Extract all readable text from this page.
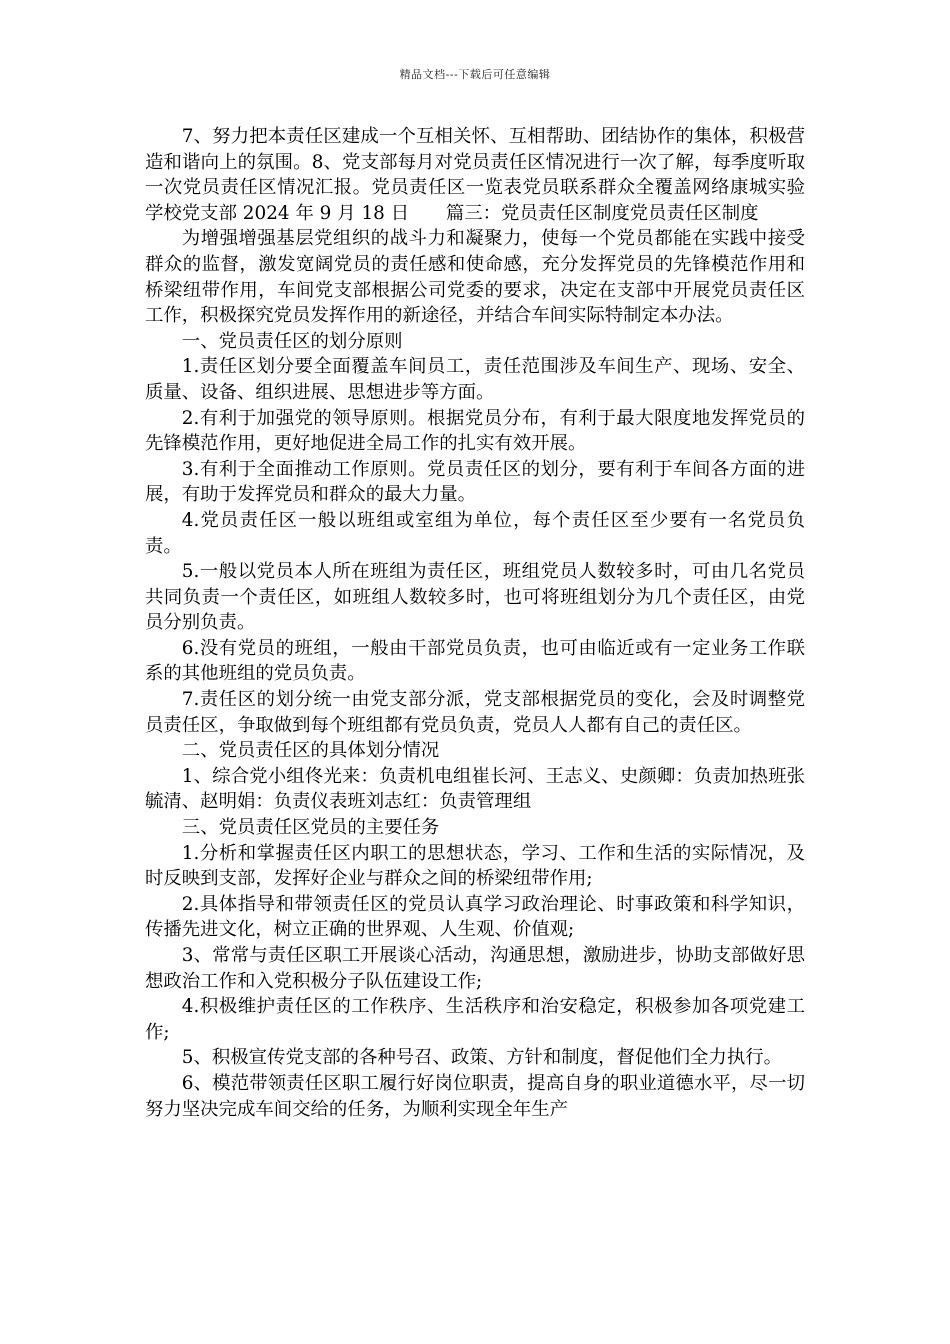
精品文档---下载后可任意编辑

7、努力把本责任区建成一个互相关怀、互相帮助、团结协作的集体，积极营造和谐向上的氛围。8、党支部每月对党员责任区情况进行一次了解，每季度听取一次党员责任区情况汇报。党员责任区一览表党员联系群众全覆盖网络康城实验学校党支部 2024 年 9 月 18 日　　篇三：党员责任区制度党员责任区制度

为增强增强基层党组织的战斗力和凝聚力，使每一个党员都能在实践中接受群众的监督，激发宽阔党员的责任感和使命感，充分发挥党员的先锋模范作用和桥梁纽带作用，车间党支部根据公司党委的要求，决定在支部中开展党员责任区工作，积极探究党员发挥作用的新途径，并结合车间实际特制定本办法。

一、党员责任区的划分原则

1.责任区划分要全面覆盖车间员工，责任范围涉及车间生产、现场、安全、质量、设备、组织进展、思想进步等方面。

2.有利于加强党的领导原则。根据党员分布，有利于最大限度地发挥党员的先锋模范作用，更好地促进全局工作的扎实有效开展。

3.有利于全面推动工作原则。党员责任区的划分，要有利于车间各方面的进展，有助于发挥党员和群众的最大力量。

4.党员责任区一般以班组或室组为单位，每个责任区至少要有一名党员负责。

5.一般以党员本人所在班组为责任区，班组党员人数较多时，可由几名党员共同负责一个责任区，如班组人数较多时，也可将班组划分为几个责任区，由党员分别负责。

6.没有党员的班组，一般由干部党员负责，也可由临近或有一定业务工作联系的其他班组的党员负责。

7.责任区的划分统一由党支部分派，党支部根据党员的变化，会及时调整党员责任区，争取做到每个班组都有党员负责，党员人人都有自己的责任区。

二、党员责任区的具体划分情况

1、综合党小组佟光来：负责机电组崔长河、王志义、史颜卿：负责加热班张毓清、赵明娟：负责仪表班刘志红：负责管理组

三、党员责任区党员的主要任务

1.分析和掌握责任区内职工的思想状态，学习、工作和生活的实际情况，及时反映到支部，发挥好企业与群众之间的桥梁纽带作用;

2.具体指导和带领责任区的党员认真学习政治理论、时事政策和科学知识，传播先进文化，树立正确的世界观、人生观、价值观;

3、常常与责任区职工开展谈心活动，沟通思想，激励进步，协助支部做好思想政治工作和入党积极分子队伍建设工作;

4.积极维护责任区的工作秩序、生活秩序和治安稳定，积极参加各项党建工作;

5、积极宣传党支部的各种号召、政策、方针和制度，督促他们全力执行。

6、模范带领责任区职工履行好岗位职责，提高自身的职业道德水平，尽一切努力坚决完成车间交给的任务，为顺利实现全年生产
